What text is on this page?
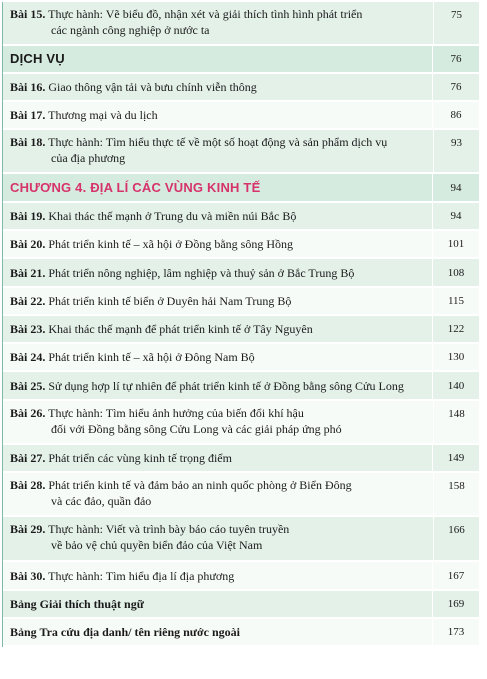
Bài 15. Thực hành: Vẽ biểu đồ, nhận xét và giải thích tình hình phát triển
các ngành công nghiệp ở nước ta
75
DỊCH VỤ	76
Bài 16. Giao thông vận tải và bưu chính viễn thông	76
Bài 17. Thương mại và du lịch	86
Bài 18. Thực hành: Tìm hiểu thực tế về một số hoạt động và sản phẩm dịch vụ
của địa phương
93
CHƯƠNG 4. ĐỊA LÍ CÁC VÙNG KINH TẾ	94
Bài 19. Khai thác thế mạnh ở Trung du và miền núi Bắc Bộ	94
Bài 20. Phát triển kinh tế – xã hội ở Đồng bằng sông Hồng	101
Bài 21. Phát triển nông nghiệp, lâm nghiệp và thuỷ sản ở Bắc Trung Bộ	108
Bài 22. Phát triển kinh tế biển ở Duyên hải Nam Trung Bộ	115
Bài 23. Khai thác thế mạnh để phát triển kinh tế ở Tây Nguyên	122
Bài 24. Phát triển kinh tế – xã hội ở Đông Nam Bộ	130
Bài 25. Sử dụng hợp lí tự nhiên để phát triển kinh tế ở Đồng bằng sông Cửu Long	140
Bài 26. Thực hành: Tìm hiểu ảnh hưởng của biến đổi khí hậu
đối với Đồng bằng sông Cửu Long và các giải pháp ứng phó
148
Bài 27. Phát triển các vùng kinh tế trọng điểm	149
Bài 28. Phát triển kinh tế và đảm bảo an ninh quốc phòng ở Biển Đông
và các đảo, quần đảo
158
Bài 29. Thực hành: Viết và trình bày báo cáo tuyên truyền
về bảo vệ chủ quyền biển đảo của Việt Nam
166
Bài 30. Thực hành: Tìm hiểu địa lí địa phương	167
Bảng Giải thích thuật ngữ	169
Bảng Tra cứu địa danh/ tên riêng nước ngoài	173
